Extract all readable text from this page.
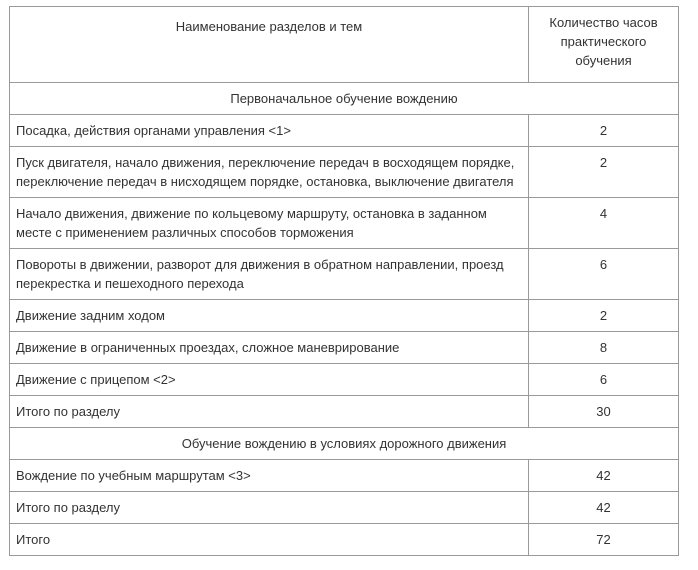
Наименование разделов и тем	Количество часов
практического
обучения

Первоначальное обучение вождению	
Посадка, действия органами управления <1>	2
Пуск двигателя, начало движения, переключение передач в восходящем порядке, переключение передач в нисходящем порядке, остановка, выключение двигателя	2
Начало движения, движение по кольцевому маршруту, остановка в заданном месте с применением различных способов торможения	4
Повороты в движении, разворот для движения в обратном направлении, проезд перекрестка и пешеходного перехода	6
Движение задним ходом	2
Движение в ограниченных проездах, сложное маневрирование	8
Движение с прицепом <2>	6
Итого по разделу	30
Обучение вождению в условиях дорожного движения	
Вождение по учебным маршрутам <3>	42
Итого по разделу	42
Итого	72
